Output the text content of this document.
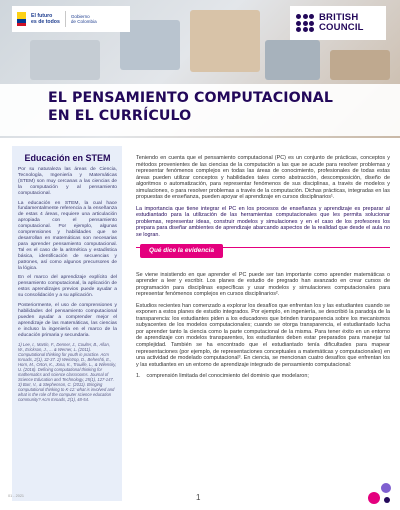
El futuro
es de todos
Gobierno
de Colombia	BRITISH
COUNCIL
EL PENSAMIENTO COMPUTACIONAL
EN EL CURRÍCULO
Educación en STEM

Por su naturaleza las áreas de Ciencia, Tecnología, Ingeniería y Matemáticas (STEM) son muy cercanas a las ciencias de la computación y al pensamiento computacional.

La educación en STEM, la cual hace fundamentalmente referencia a la enseñanza de estas 4 áreas, requiere una articulación apropiada con el pensamiento computacional. Por ejemplo, algunas comprensiones y habilidades que se desarrollan en matemáticas son necesarias para aprender pensamiento computacional. Tal es el caso de la aritmética y estadística básica, identificación de secuencias y patrones, así como algunos precursores de la lógica.

En el marco del aprendizaje explícito del pensamiento computacional, la aplicación de estos aprendizajes previos puede ayudar a su consolidación y a su aplicación.

Posteriormente, el uso de comprensiones y habilidades del pensamiento computacional pueden ayudar a comprender mejor el aprendizaje de las matemáticas, las ciencias e incluso la ingeniería en el marco de la educación primaria y secundaria.

1) Lee, I., Martin, F., Denner, J., Coulter, B., Allan, W., Erickson, J., ... & Werner, L. (2011). Computational thinking for youth in practice. Acm Inroads, 2(1), 32-37. 2) Weintrop, D., Beheshti, E., Horn, M., Orton, K., Jona, K., Trouille, L., & Wilensky, U. (2016). Defining computational thinking for mathematics and science classrooms. Journal of Science Education and Technology, 25(1), 127-147. 3) Barr, V., & Stephenson, C. (2011). Bringing computational thinking to K-12: what is involved and what is the role of the computer science education community? Acm Inroads, 2(1), 48-54.

Teniendo en cuenta que el pensamiento computacional (PC) es un conjunto de prácticas, conceptos y métodos provenientes de las ciencias de la computación a las que se acude para resolver problemas y representar fenómenos complejos en todas las áreas de conocimiento, profesionales de todas estas áreas pueden utilizar conceptos y habilidades tales como abstracción, descomposición, diseño de algoritmos o automatización, para representar fenómenos de sus disciplinas, a través de modelos y simulaciones, o para resolver problemas a través de la computación. Dichas prácticas, integradas en las propuestas de enseñanza, pueden apoyar el aprendizaje en cursos disciplinarios¹.

La importancia que tiene integrar el PC en los procesos de enseñanza y aprendizaje es preparar al estudiantado para la utilización de las herramientas computacionales que les permita solucionar problemas, representar ideas, construir modelos y simulaciones y en el caso de los profesores los prepara para diseñar ambientes de aprendizaje abarcando aspectos de la realidad que desde el aula no se logran.

Qué dice la evidencia

Se viene insistiendo en que aprender el PC puede ser tan importante como aprender matemáticas o aprender a leer y escribir. Los planes de estudio de pregrado han avanzado en crear cursos de programación para disciplinas específicas y usar modelos y simulaciones computacionales para representar fenómenos complejos en cursos disciplinarios².

Estudios recientes han comenzado a explorar los desafíos que enfrentan los y las estudiantes cuando se exponen a estos planes de estudio integrados. Por ejemplo, en ingeniería, se describió la paradoja de la transparencia: los estudiantes piden a los educadores que brinden transparencia sobre los mecanismos subyacentes de los modelos computacionales; cuando se otorga transparencia, el estudiantado lucha por aprender tanto la ciencia como la parte computacional de la misma. Para tener éxito en un entorno de aprendizaje con modelos transparentes, los estudiantes deben estar preparados para manejar tal complejidad. También se ha encontrado que el estudiantado tenía dificultades para mapear representaciones (por ejemplo, de representaciones conceptuales a matemáticas y computacionales) en una actividad de modelado computacional³. En ciencia, se mencionan cuatro desafíos que enfrentan los y las estudiantes en un entorno de aprendizaje integrado de pensamiento computacional:

1. comprensión limitada del conocimiento del dominio que modelaron;
01 - 2021	1
